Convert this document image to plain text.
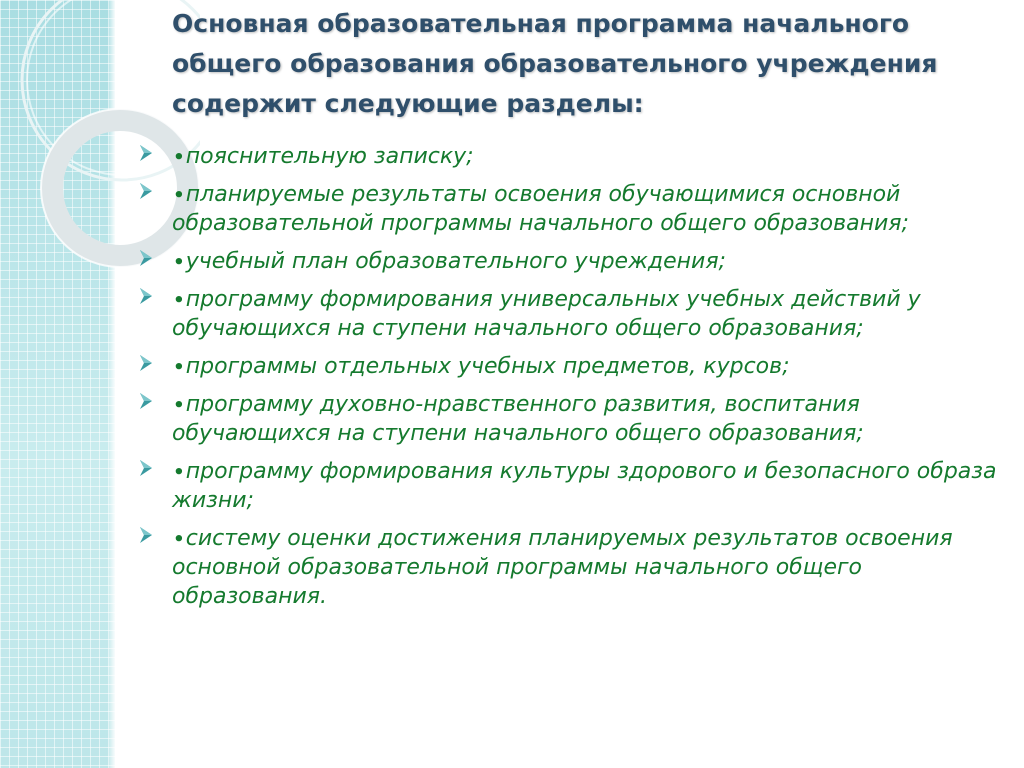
Основная образовательная программа начального общего образования образовательного учреждения содержит следующие разделы:
∙пояснительную записку;
∙планируемые результаты освоения обучающимися основной образовательной программы начального общего образования;
∙учебный план образовательного учреждения;
∙программу формирования универсальных учебных действий у обучающихся на ступени начального общего образования;
∙программы отдельных учебных предметов, курсов;
∙программу духовно-нравственного развития, воспитания обучающихся на ступени начального общего образования;
∙программу формирования культуры здорового и безопасного образа жизни;
∙систему оценки достижения планируемых результатов освоения основной образовательной программы начального общего образования.
